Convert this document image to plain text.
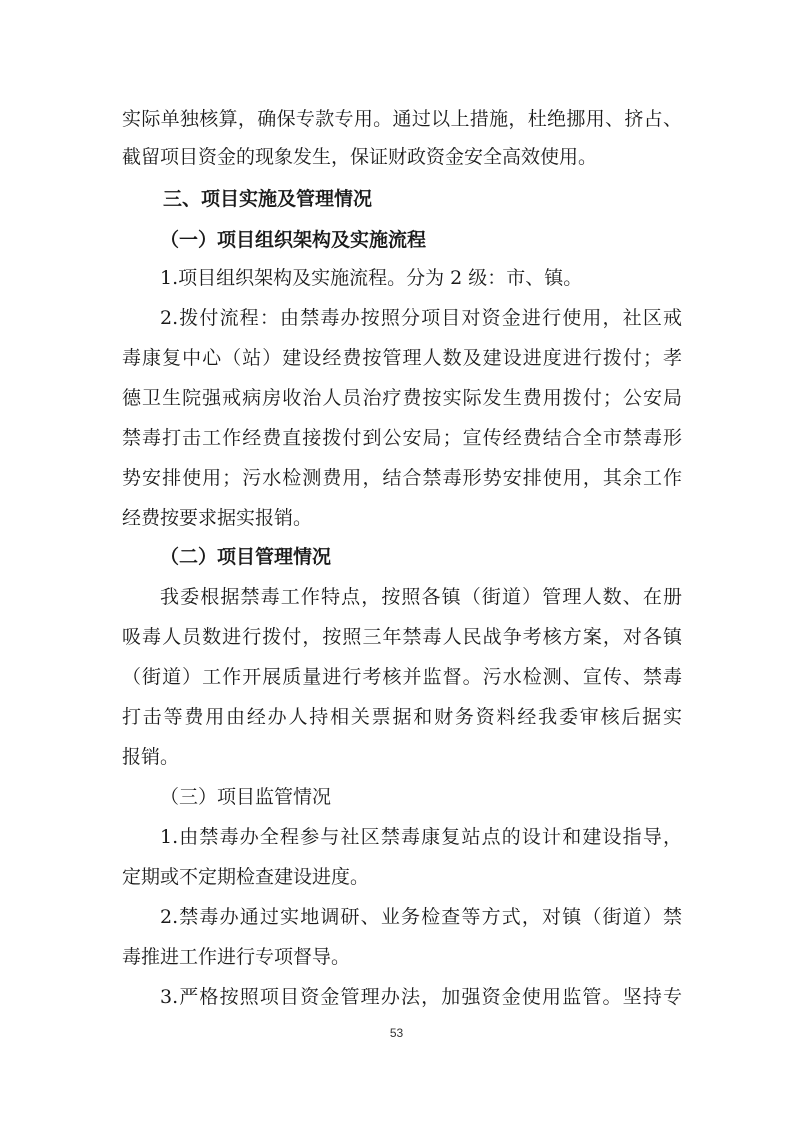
实际单独核算，确保专款专用。通过以上措施，杜绝挪用、挤占、
截留项目资金的现象发生，保证财政资金安全高效使用。
三、项目实施及管理情况
（一）项目组织架构及实施流程
1.项目组织架构及实施流程。分为 2 级：市、镇。
2.拨付流程：由禁毒办按照分项目对资金进行使用，社区戒
毒康复中心（站）建设经费按管理人数及建设进度进行拨付；孝
德卫生院强戒病房收治人员治疗费按实际发生费用拨付；公安局
禁毒打击工作经费直接拨付到公安局；宣传经费结合全市禁毒形
势安排使用；污水检测费用，结合禁毒形势安排使用，其余工作
经费按要求据实报销。
（二）项目管理情况
我委根据禁毒工作特点，按照各镇（街道）管理人数、在册
吸毒人员数进行拨付，按照三年禁毒人民战争考核方案，对各镇
（街道）工作开展质量进行考核并监督。污水检测、宣传、禁毒
打击等费用由经办人持相关票据和财务资料经我委审核后据实
报销。
（三）项目监管情况
1.由禁毒办全程参与社区禁毒康复站点的设计和建设指导，
定期或不定期检查建设进度。
2.禁毒办通过实地调研、业务检查等方式，对镇（街道）禁
毒推进工作进行专项督导。
3.严格按照项目资金管理办法，加强资金使用监管。坚持专
53
